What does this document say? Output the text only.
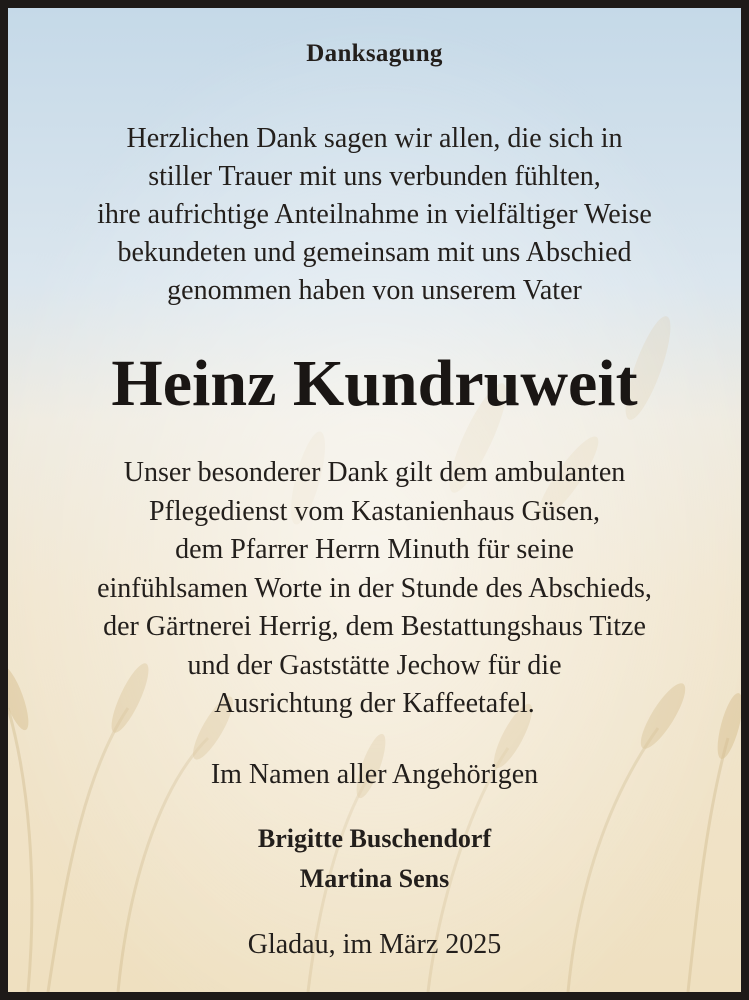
Danksagung
Herzlichen Dank sagen wir allen, die sich in
stiller Trauer mit uns verbunden fühlten,
ihre aufrichtige Anteilnahme in vielfältiger Weise
bekundeten und gemeinsam mit uns Abschied
genommen haben von unserem Vater
Heinz Kundruweit
Unser besonderer Dank gilt dem ambulanten
Pflegedienst vom Kastanienhaus Güsen,
dem Pfarrer Herrn Minuth für seine
einfühlsamen Worte in der Stunde des Abschieds,
der Gärtnerei Herrig, dem Bestattungshaus Titze
und der Gaststätte Jechow für die
Ausrichtung der Kaffeetafel.
Im Namen aller Angehörigen
Brigitte Buschendorf
Martina Sens
Gladau, im März 2025
